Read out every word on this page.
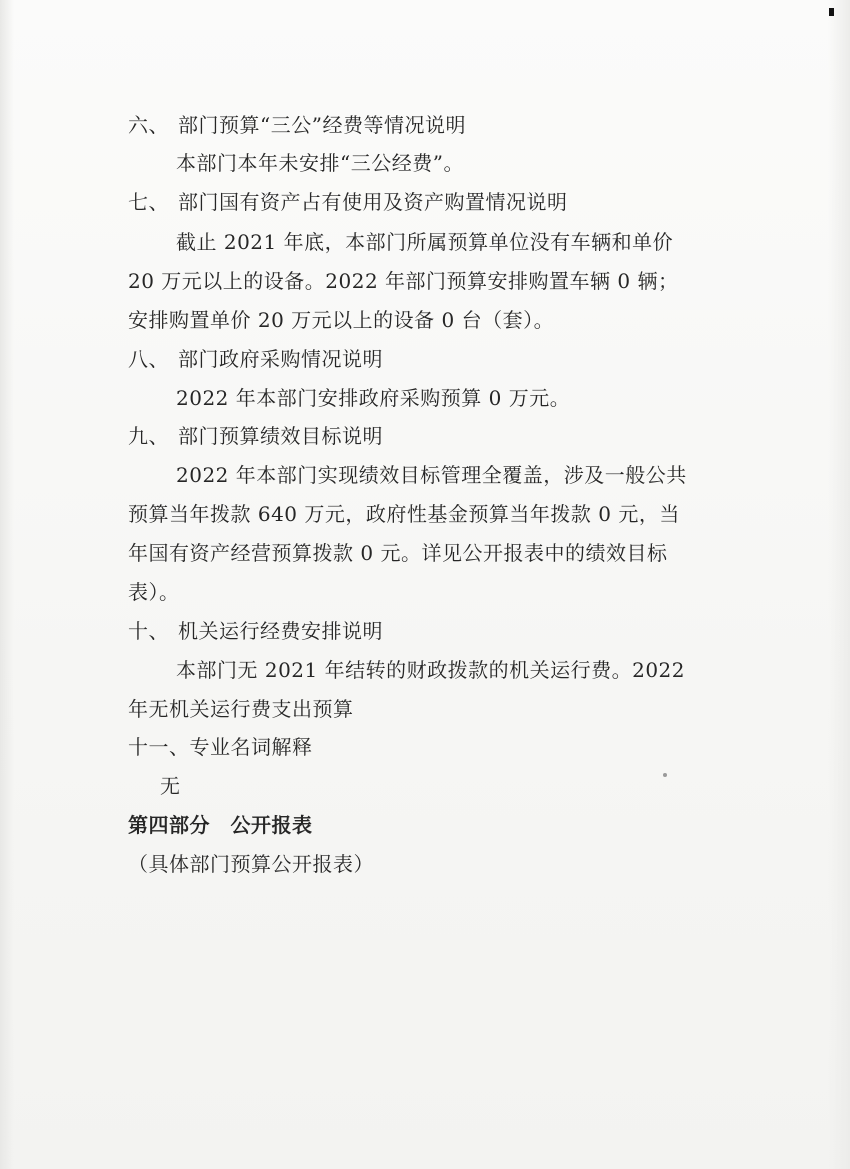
六、 部门预算“三公”经费等情况说明

本部门本年未安排“三公经费”。

七、 部门国有资产占有使用及资产购置情况说明

截止 2021 年底，本部门所属预算单位没有车辆和单价

20 万元以上的设备。2022 年部门预算安排购置车辆 0 辆；

安排购置单价 20 万元以上的设备 0 台（套）。

八、 部门政府采购情况说明

2022 年本部门安排政府采购预算 0 万元。

九、 部门预算绩效目标说明

2022 年本部门实现绩效目标管理全覆盖，涉及一般公共

预算当年拨款 640 万元，政府性基金预算当年拨款 0 元，当

年国有资产经营预算拨款 0 元。详见公开报表中的绩效目标

表）。

十、 机关运行经费安排说明

本部门无 2021 年结转的财政拨款的机关运行费。2022

年无机关运行费支出预算

十一、专业名词解释

无

第四部分　公开报表

（具体部门预算公开报表）
